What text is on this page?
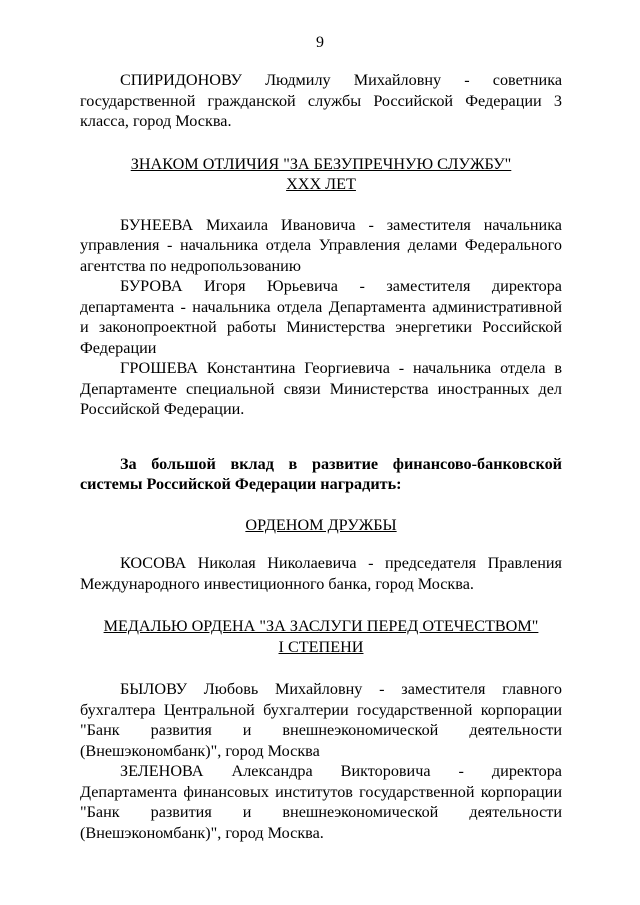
9

СПИРИДОНОВУ Людмилу Михайловну - советника государственной гражданской службы Российской Федерации 3 класса, город Москва.

ЗНАКОМ ОТЛИЧИЯ "ЗА БЕЗУПРЕЧНУЮ СЛУЖБУ"

XXX ЛЕТ

БУНЕЕВА Михаила Ивановича - заместителя начальника управления - начальника отдела Управления делами Федерального агентства по недропользованию

БУРОВА Игоря Юрьевича - заместителя директора департамента - начальника отдела Департамента административной и законопроектной работы Министерства энергетики Российской Федерации

ГРОШЕВА Константина Георгиевича - начальника отдела в Департаменте специальной связи Министерства иностранных дел Российской Федерации.

За большой вклад в развитие финансово-банковской системы Российской Федерации наградить:

ОРДЕНОМ ДРУЖБЫ

КОСОВА Николая Николаевича - председателя Правления Международного инвестиционного банка, город Москва.

МЕДАЛЬЮ ОРДЕНА "ЗА ЗАСЛУГИ ПЕРЕД ОТЕЧЕСТВОМ"

I СТЕПЕНИ

БЫЛОВУ Любовь Михайловну - заместителя главного бухгалтера Центральной бухгалтерии государственной корпорации "Банк развития и внешнеэкономической деятельности (Внешэкономбанк)", город Москва

ЗЕЛЕНОВА Александра Викторовича - директора Департамента финансовых институтов государственной корпорации "Банк развития и внешнеэкономической деятельности (Внешэкономбанк)", город Москва.
